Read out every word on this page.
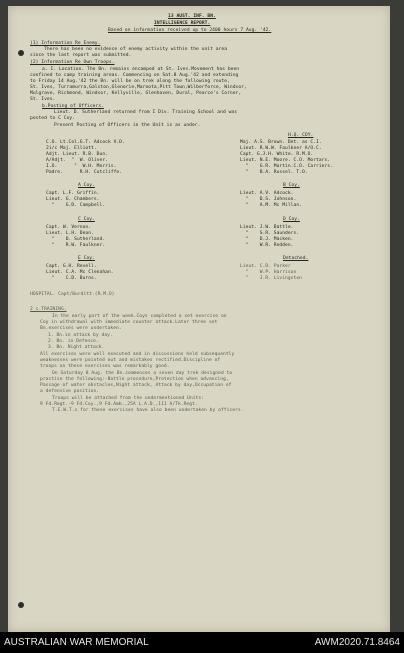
13 AUST. INF. BN.
INTELLIGENCE REPORT.
Based on information received up to 2400 hours 7 Aug. '42.
(1) Information Re Enemy.
There has been no evidence of enemy activity within the unit area
since the last report was submitted.
(2) Information Re Own Troops.
a. I. Location. The Bn. remains encamped at St. Ives.Movement has been
confined to camp training areas. Commencing on Sat.8 Aug.'42 and extending
to Friday 14 Aug.'42 the Bn. will be on trek along the following route,
St. Ives, Turramurra,Galston,Glenorie,Maroota,Pitt Town,Wilberforce, Windsor,
Mulgrave, Richmond, Windsor, Kellyville, Glenhaven, Dural, Pearce's Corner,
St. Ives.
b.Posting of Officers.
Lieut. D. Sutherland returned from I Div. Training School and was
posted to C Coy.
Present Posting of Officers in the Unit is as under.
H.Q. COY.
C.O. Lt.Col.G.T. Adcock V.D.
2i/c Maj. Elliott.
Adjt. Lieut. R.B. Dun.
A/Adjt.  "  W. Oliver.
I.O.      "  W.H. Morris.
Padre.      R.H. Cutcliffe.
Maj. A.S. Brown. Det. as C.I.
Lieut. R.W.W. Faulkner A/O.C.
Capt. G.J.H. White. R.M.O.
Lieut. N.E. Moore. C.O. Mortars.
"    G.R. Martin.C.O. Carriers.
"    B.A. Russel. T.O.
A Coy.	B Coy.
Capt. L.F. Griffin.
Lieut. G. Chambers.
"    G.D. Campbell.
Lieut. A.V. Adcock.
"    D.S. Johnson.
"    A.M. Mc Millan.
C Coy.	D Coy.
Capt. W. Vernon.
Lieut. L.H. Dean.
"    D. Sutherland.
"    R.W. Faulkner.
Lieut. J.W. Battle.
"    S.R. Saunders.
"    D.J. Macken.
"    W.R. Redden.
E Coy.	Detached.
Capt. G.H. Revell.
Lieut. C.A. Mc Clenahan.
"    C.D. Burns.
Lieut. C.D. Parker
"    W.P. Harrison
"    J.R. Livingston
HOSPITAL. Capt/Burditt.(R.M.O)
2 c.TRAINING.
In the early part of the week.Coys completed a set exercise on
Coy in withdrawal with immediate counter attack.Later three set
Bn.exercises were undertaken.
1. Bn.in attack by day.
2. Bn. in Defence.
3. Bn. Night attack.
All exercises were well executed and in discussions held subsequently
weaknesses were pointed out and mistakes rectified.Discipline of
troops on these exercises was remarkably good.
On Saturday 8 Aug. the Bn.commences a seven day trek designed to
practise the following:-Battle procedure,Protection when advancing,
Passage of water obstacles,Night attack, Attack by day,Occupation of
a defensive position.
Troops will be attached from the undermentioned Units:
9 Fd.Regt.-9 Fd.Coy.,9 Fd.Amb.,25A L.A.D.,111 A/Tk.Regt.
T.E.W.T.s for these exercises have also been undertaken by officers.
AUSTRALIAN WAR MEMORIAL	AWM2020.71.8464
